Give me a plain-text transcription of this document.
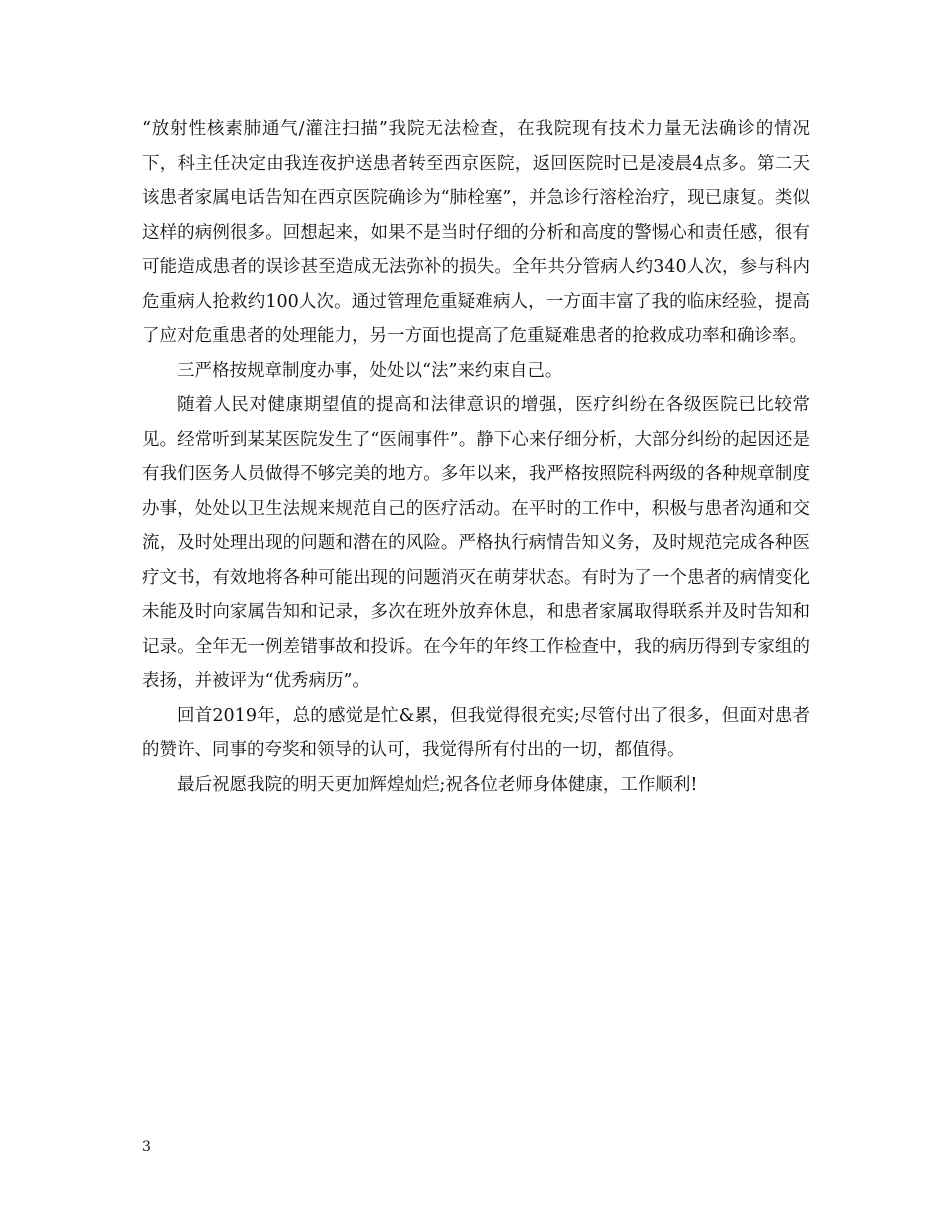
“放射性核素肺通气/灌注扫描”我院无法检查，在我院现有技术力量无法确诊的情况下，科主任决定由我连夜护送患者转至西京医院，返回医院时已是凌晨4点多。第二天该患者家属电话告知在西京医院确诊为“肺栓塞”，并急诊行溶栓治疗，现已康复。类似这样的病例很多。回想起来，如果不是当时仔细的分析和高度的警惕心和责任感，很有可能造成患者的误诊甚至造成无法弥补的损失。全年共分管病人约340人次，参与科内危重病人抢救约100人次。通过管理危重疑难病人，一方面丰富了我的临床经验，提高了应对危重患者的处理能力，另一方面也提高了危重疑难患者的抢救成功率和确诊率。

三严格按规章制度办事，处处以“法”来约束自己。

随着人民对健康期望值的提高和法律意识的增强，医疗纠纷在各级医院已比较常见。经常听到某某医院发生了“医闹事件”。静下心来仔细分析，大部分纠纷的起因还是有我们医务人员做得不够完美的地方。多年以来，我严格按照院科两级的各种规章制度办事，处处以卫生法规来规范自己的医疗活动。在平时的工作中，积极与患者沟通和交流，及时处理出现的问题和潜在的风险。严格执行病情告知义务，及时规范完成各种医疗文书，有效地将各种可能出现的问题消灭在萌芽状态。有时为了一个患者的病情变化未能及时向家属告知和记录，多次在班外放弃休息，和患者家属取得联系并及时告知和记录。全年无一例差错事故和投诉。在今年的年终工作检查中，我的病历得到专家组的表扬，并被评为“优秀病历”。

回首2019年，总的感觉是忙&累，但我觉得很充实;尽管付出了很多，但面对患者的赞许、同事的夸奖和领导的认可，我觉得所有付出的一切，都值得。

最后祝愿我院的明天更加辉煌灿烂;祝各位老师身体健康，工作顺利!

3
